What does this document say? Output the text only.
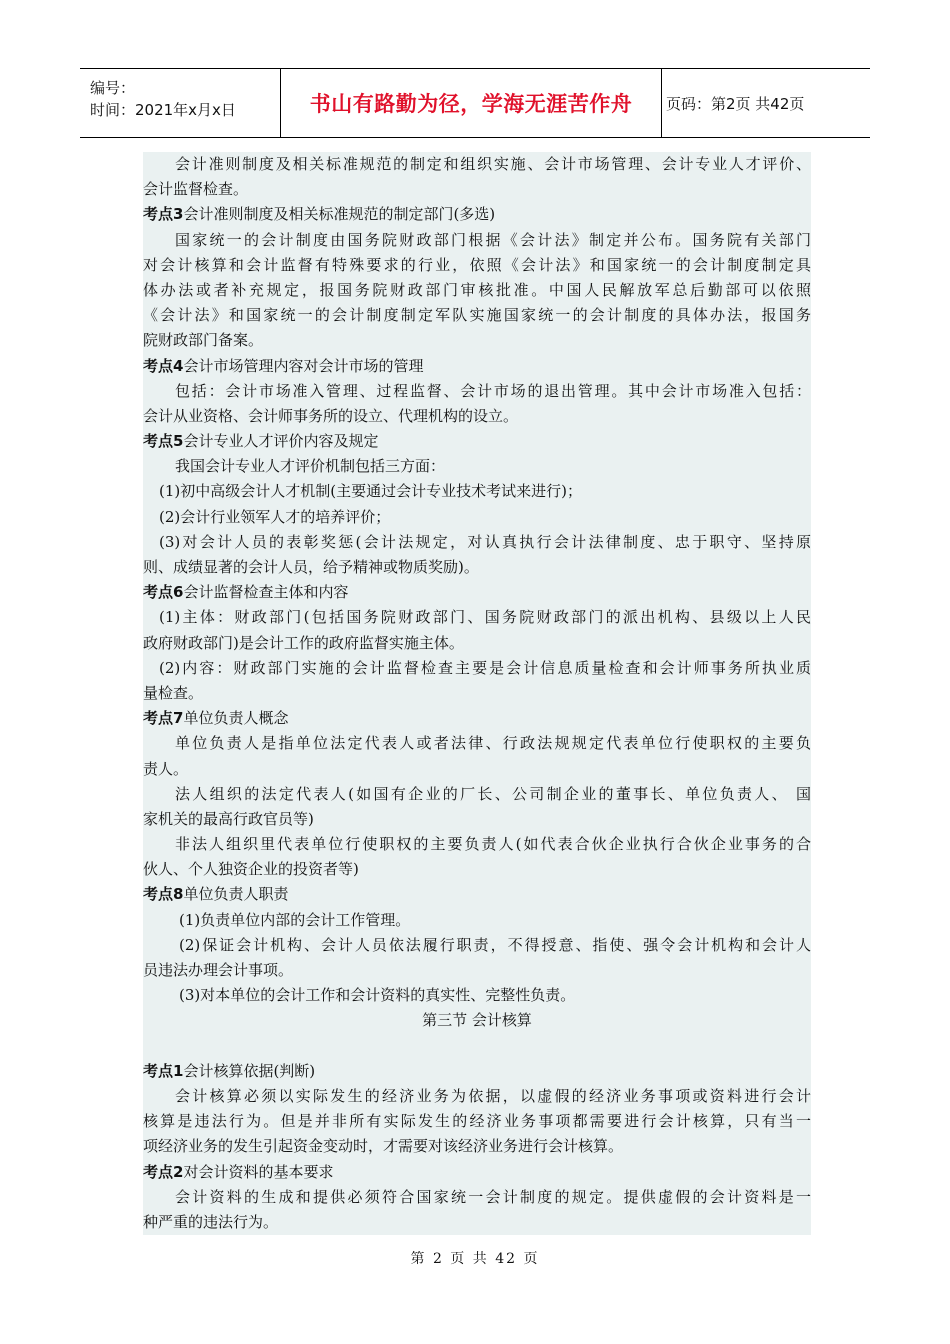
编号：
时间：2021年x月x日	书山有路勤为径，学海无涯苦作舟 页码：第2页 共42页
会计准则制度及相关标准规范的制定和组织实施、会计市场管理、会计专业人才评价、
会计监督检查。
考点3会计准则制度及相关标准规范的制定部门(多选)
国家统一的会计制度由国务院财政部门根据《会计法》制定并公布。国务院有关部门
对会计核算和会计监督有特殊要求的行业，依照《会计法》和国家统一的会计制度制定具
体办法或者补充规定，报国务院财政部门审核批准。中国人民解放军总后勤部可以依照
《会计法》和国家统一的会计制度制定军队实施国家统一的会计制度的具体办法，报国务
院财政部门备案。
考点4会计市场管理内容对会计市场的管理
包括：会计市场准入管理、过程监督、会计市场的退出管理。其中会计市场准入包括：
会计从业资格、会计师事务所的设立、代理机构的设立。
考点5会计专业人才评价内容及规定
我国会计专业人才评价机制包括三方面：
(1)初中高级会计人才机制(主要通过会计专业技术考试来进行)；
(2)会计行业领军人才的培养评价；
(3)对会计人员的表彰奖惩(会计法规定，对认真执行会计法律制度、忠于职守、坚持原
则、成绩显著的会计人员，给予精神或物质奖励)。
考点6会计监督检查主体和内容
(1)主体：财政部门(包括国务院财政部门、国务院财政部门的派出机构、县级以上人民
政府财政部门)是会计工作的政府监督实施主体。
(2)内容：财政部门实施的会计监督检查主要是会计信息质量检查和会计师事务所执业质
量检查。
考点7单位负责人概念
单位负责人是指单位法定代表人或者法律、行政法规规定代表单位行使职权的主要负
责人。
法人组织的法定代表人(如国有企业的厂长、公司制企业的董事长、单位负责人、 国
家机关的最高行政官员等)
非法人组织里代表单位行使职权的主要负责人(如代表合伙企业执行合伙企业事务的合
伙人、个人独资企业的投资者等)
考点8单位负责人职责
(1)负责单位内部的会计工作管理。
(2)保证会计机构、会计人员依法履行职责，不得授意、指使、强令会计机构和会计人
员违法办理会计事项。
(3)对本单位的会计工作和会计资料的真实性、完整性负责。
第三节 会计核算
考点1会计核算依据(判断)
会计核算必须以实际发生的经济业务为依据，以虚假的经济业务事项或资料进行会计
核算是违法行为。但是并非所有实际发生的经济业务事项都需要进行会计核算，只有当一
项经济业务的发生引起资金变动时，才需要对该经济业务进行会计核算。
考点2对会计资料的基本要求
会计资料的生成和提供必须符合国家统一会计制度的规定。提供虚假的会计资料是一
种严重的违法行为。
第 2 页 共 42 页
